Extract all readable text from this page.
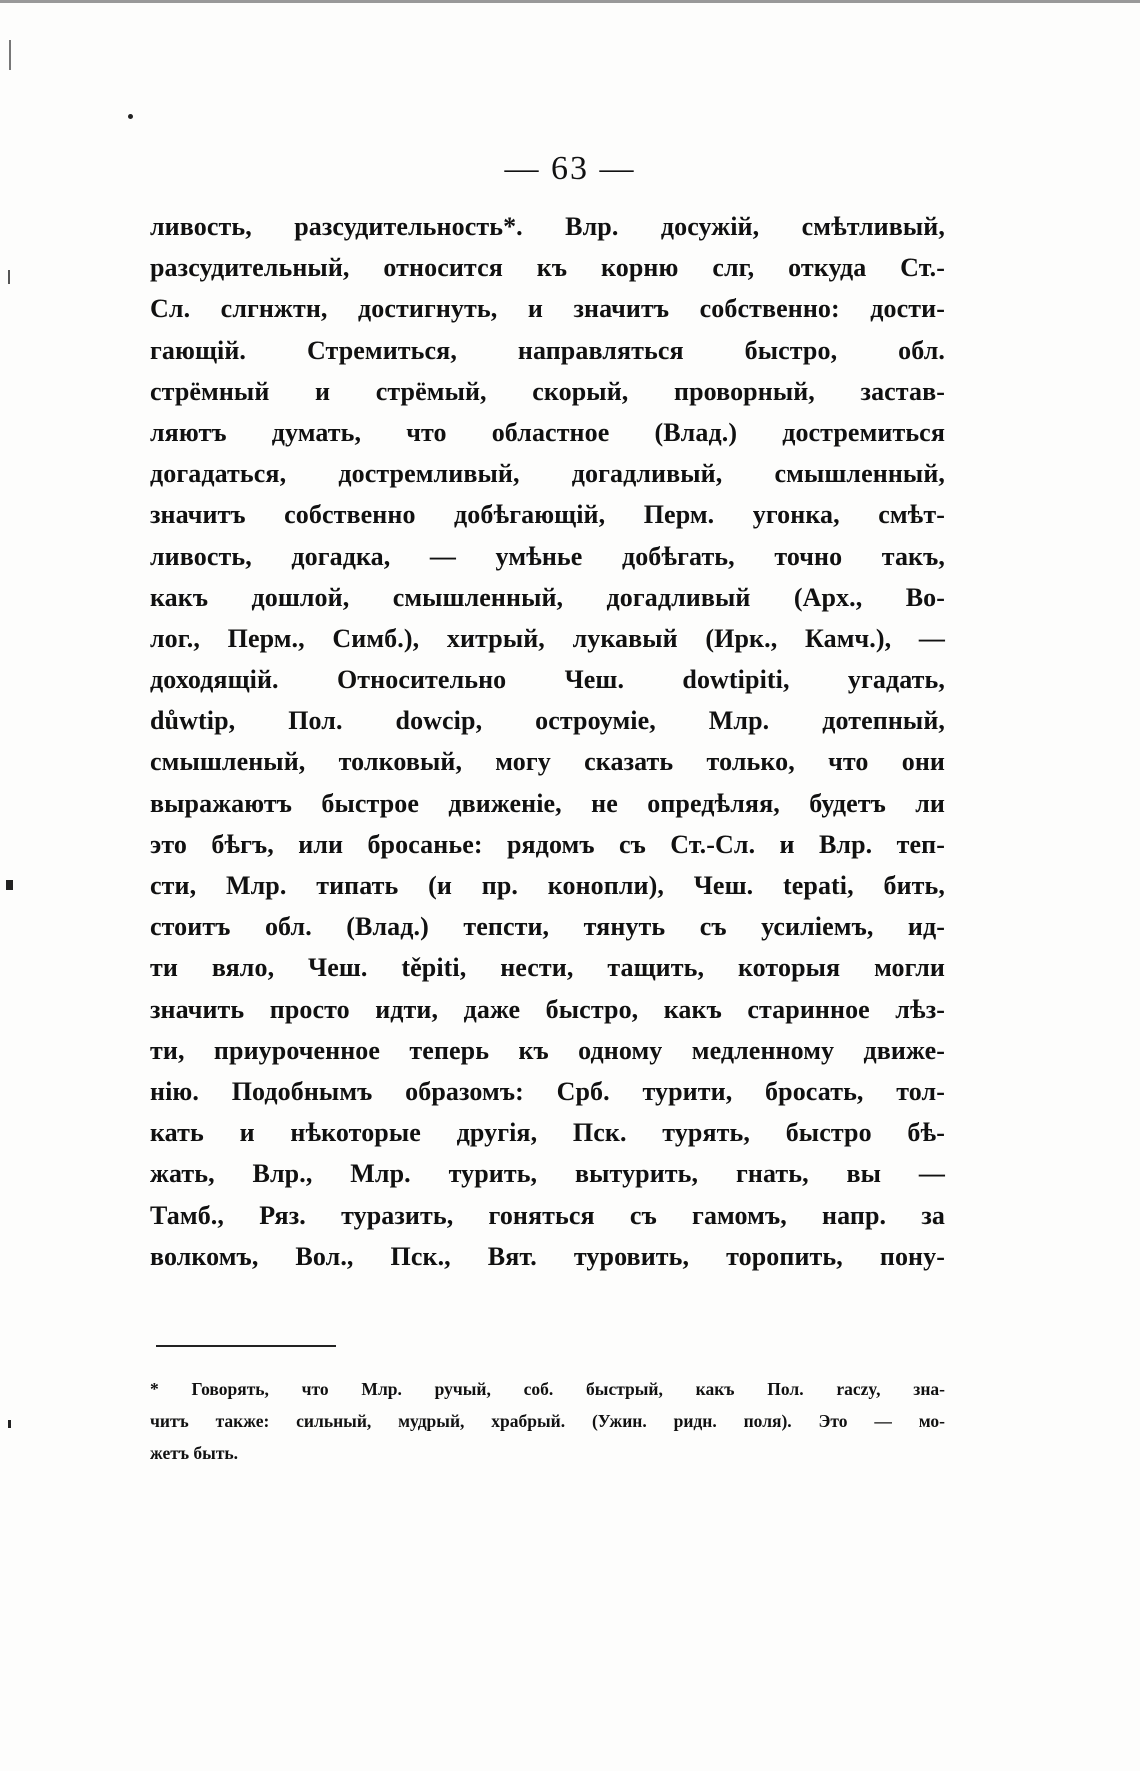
— 63 —
ливость, разсудительность*. Влр. досужій, смѣтливый,
разсудительный, относится къ корню слг, откуда Ст.-
Сл. слгнжтн, достигнуть, и значитъ собственно: дости-
гающій. Стремиться, направляться быстро, обл.
стрёмный и стрёмый, скорый, проворный, застав-
ляютъ думать, что областное (Влад.) достремиться
догадаться, достремливый, догадливый, смышленный,
значитъ собственно добѣгающій, Перм. угонка, смѣт-
ливость, догадка, — умѣнье добѣгать, точно такъ,
какъ дошлой, смышленный, догадливый (Арх., Во-
лог., Перм., Симб.), хитрый, лукавый (Ирк., Камч.), —
доходящій. Относительно Чеш. dowtipiti, угадать,
důwtip, Пол. dowcip, остроуміе, Млр. дотепный,
смышленый, толковый, могу сказать только, что они
выражаютъ быстрое движеніе, не опредѣляя, будетъ ли
это бѣгъ, или бросанье: рядомъ съ Ст.-Сл. и Влр. теп-
сти, Млр. типать (и пр. конопли), Чеш. tepati, бить,
стоитъ обл. (Влад.) тепсти, тянуть съ усиліемъ, ид-
ти вяло, Чеш. těpiti, нести, тащить, которыя могли
значить просто идти, даже быстро, какъ старинное лѣз-
ти, приуроченное теперь къ одному медленному движе-
нію. Подобнымъ образомъ: Срб. турити, бросать, тол-
кать и нѣкоторые другія, Пск. турять, быстро бѣ-
жать, Влр., Млр. турить, вытурить, гнать, вы —
Тамб., Ряз. туразить, гоняться съ гамомъ, напр. за
волкомъ, Вол., Пск., Вят. туровить, торопить, пону-
* Говорять, что Млр. ручый, соб. быстрый, какъ Пол. raczy, зна-
читъ также: сильный, мудрый, храбрый. (Ужин. ридн. поля). Это — мо-
жетъ быть.
